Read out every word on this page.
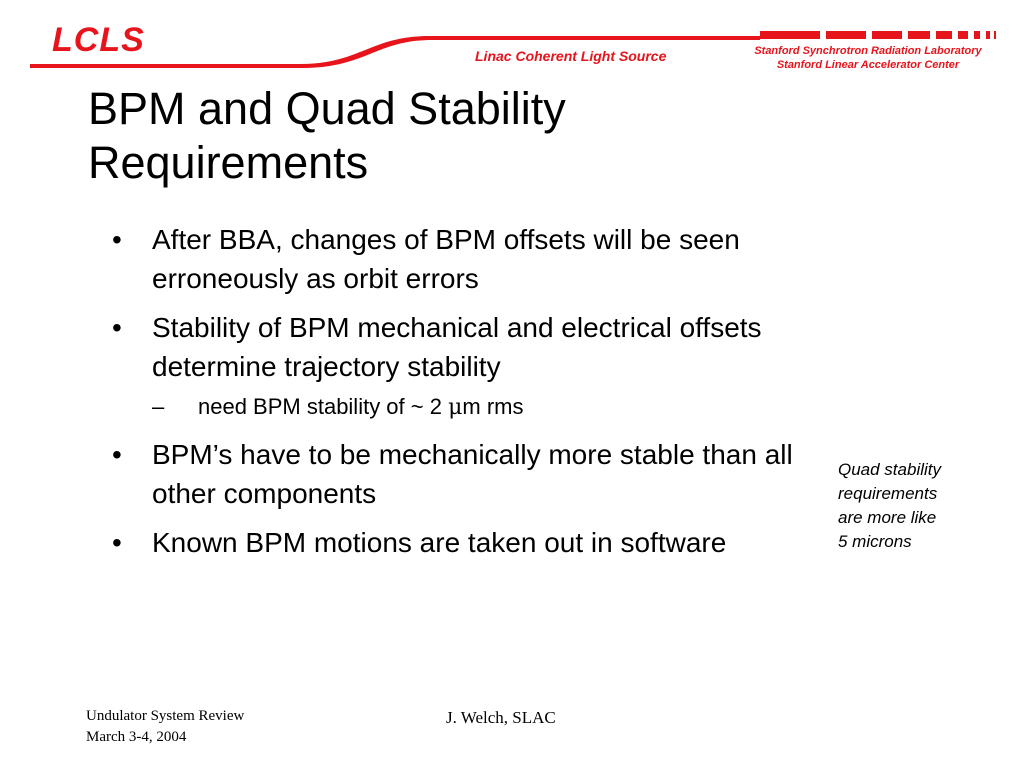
LCLS	Linac Coherent Light Source	Stanford Synchrotron Radiation Laboratory
Stanford Linear Accelerator Center
BPM and Quad Stability
Requirements
• After BBA, changes of BPM offsets will be seen erroneously as orbit errors
• Stability of BPM mechanical and electrical offsets determine trajectory stability
– need BPM stability of ~ 2 μm rms
• BPM’s have to be mechanically more stable than all other components
• Known BPM motions are taken out in software
Quad stability
requirements
are more like
5 microns
Undulator System Review
March 3-4, 2004
J. Welch, SLAC
